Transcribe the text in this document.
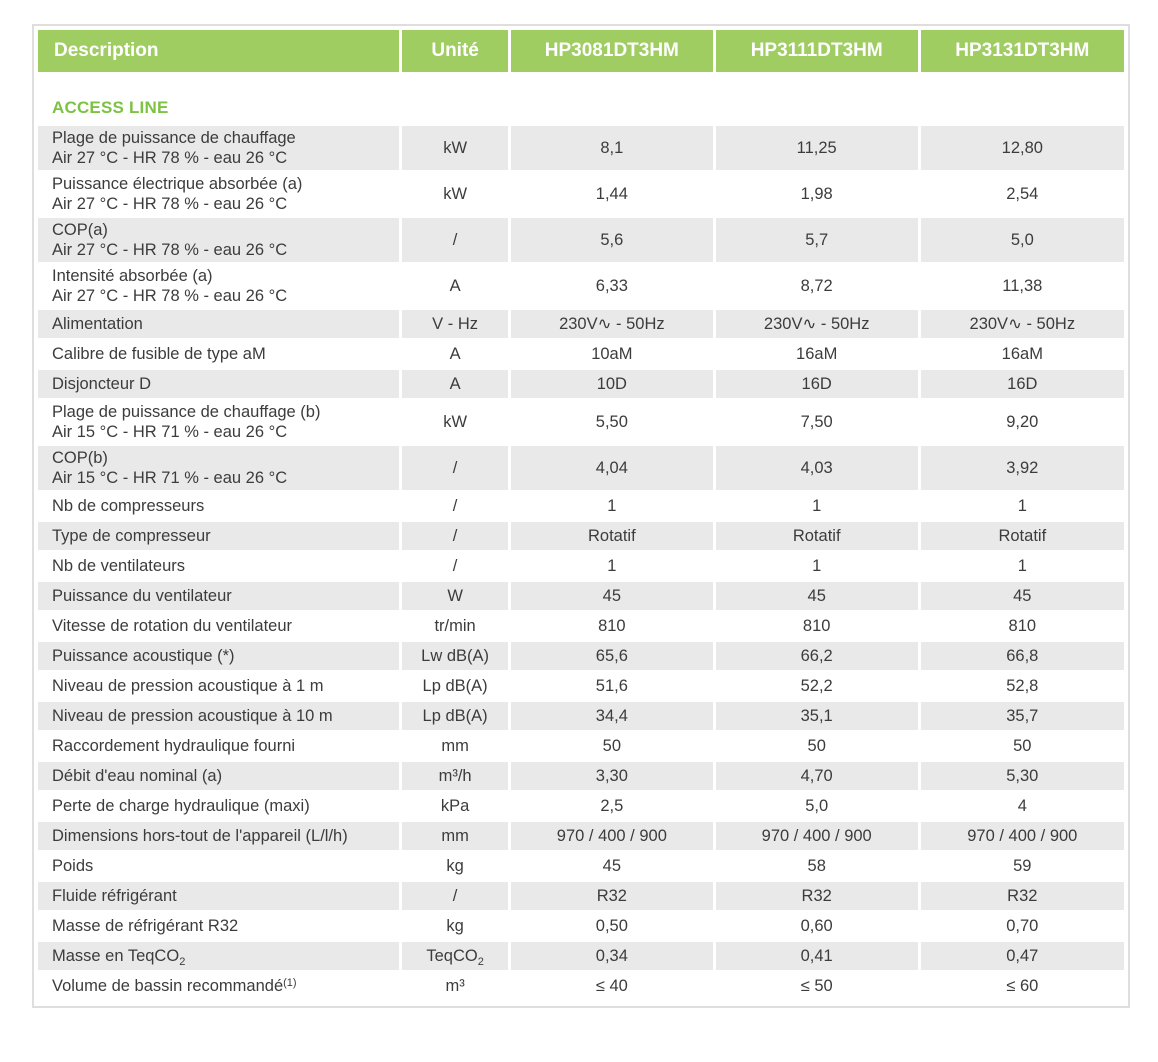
Description	Unité	HP3081DT3HM	HP3111DT3HM	HP3131DT3HM
ACCESS LINE				

Plage de puissance de chauffage
Air 27 °C - HR 78 % - eau 26 °C	kW	8,1	11,25	12,80

Puissance électrique absorbée (a)
Air 27 °C - HR 78 % - eau 26 °C	kW	1,44	1,98	2,54

COP(a)
Air 27 °C - HR 78 % - eau 26 °C	/	5,6	5,7	5,0

Intensité absorbée (a)
Air 27 °C - HR 78 % - eau 26 °C	A	6,33	8,72	11,38

Alimentation	V - Hz	230V∿ - 50Hz	230V∿ - 50Hz	230V∿ - 50Hz

Calibre de fusible de type aM	A	10aM	16aM	16aM

Disjoncteur D	A	10D	16D	16D

Plage de puissance de chauffage (b)
Air 15 °C - HR 71 % - eau 26 °C	kW	5,50	7,50	9,20

COP(b)
Air 15 °C - HR 71 % - eau 26 °C	/	4,04	4,03	3,92

Nb de compresseurs	/	1	1	1

Type de compresseur	/	Rotatif	Rotatif	Rotatif

Nb de ventilateurs	/	1	1	1

Puissance du ventilateur	W	45	45	45

Vitesse de rotation du ventilateur	tr/min	810	810	810

Puissance acoustique (*)	Lw dB(A)	65,6	66,2	66,8

Niveau de pression acoustique à 1 m	Lp dB(A)	51,6	52,2	52,8

Niveau de pression acoustique à 10 m	Lp dB(A)	34,4	35,1	35,7

Raccordement hydraulique fourni	mm	50	50	50

Débit d'eau nominal (a)	m³/h	3,30	4,70	5,30

Perte de charge hydraulique (maxi)	kPa	2,5	5,0	4

Dimensions hors-tout de l'appareil (L/l/h)	mm	970 / 400 / 900	970 / 400 / 900	970 / 400 / 900

Poids	kg	45	58	59

Fluide réfrigérant	/	R32	R32	R32

Masse de réfrigérant R32	kg	0,50	0,60	0,70

Masse en TeqCO$_2$	TeqCO$_2$	0,34	0,41	0,47

Volume de bassin recommandé$^{(1)}$	m³	≤ 40	≤ 50	≤ 60
